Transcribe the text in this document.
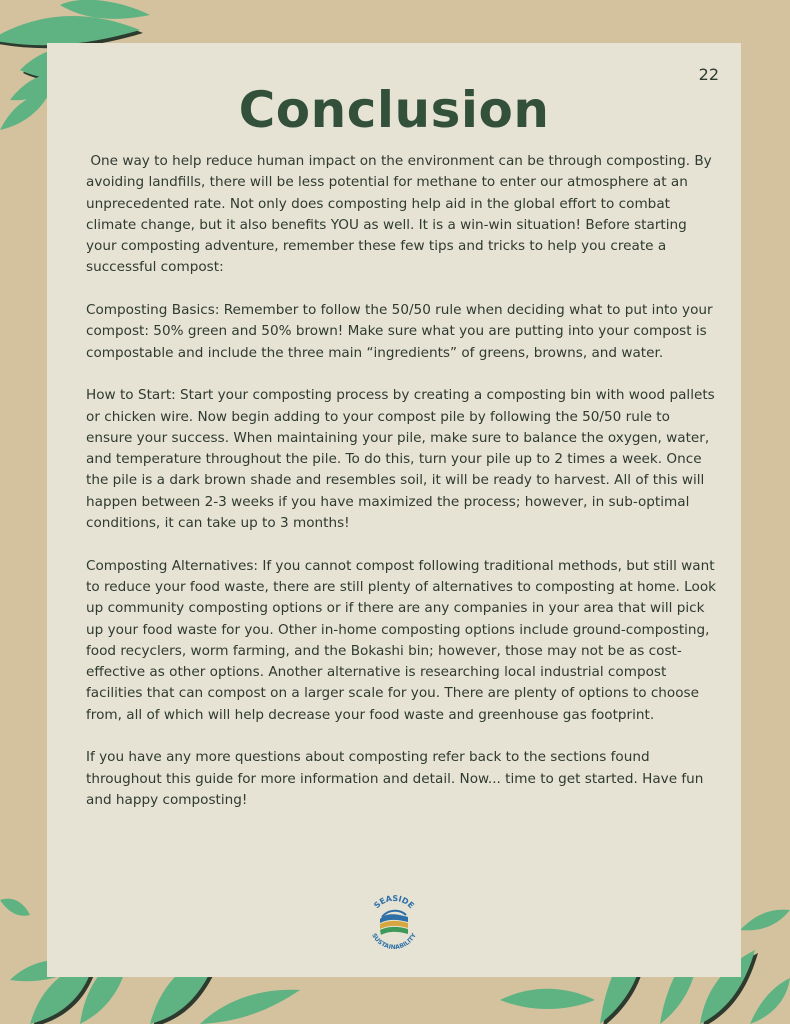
22
Conclusion

One way to help reduce human impact on the environment can be through composting. By avoiding landfills, there will be less potential for methane to enter our atmosphere at an unprecedented rate. Not only does composting help aid in the global effort to combat climate change, but it also benefits YOU as well. It is a win-win situation! Before starting your composting adventure, remember these few tips and tricks to help you create a successful compost:

Composting Basics: Remember to follow the 50/50 rule when deciding what to put into your compost: 50% green and 50% brown! Make sure what you are putting into your compost is compostable and include the three main “ingredients” of greens, browns, and water.

How to Start: Start your composting process by creating a composting bin with wood pallets or chicken wire. Now begin adding to your compost pile by following the 50/50 rule to ensure your success. When maintaining your pile, make sure to balance the oxygen, water, and temperature throughout the pile. To do this, turn your pile up to 2 times a week. Once the pile is a dark brown shade and resembles soil, it will be ready to harvest. All of this will happen between 2-3 weeks if you have maximized the process; however, in sub-optimal conditions, it can take up to 3 months!

Composting Alternatives: If you cannot compost following traditional methods, but still want to reduce your food waste, there are still plenty of alternatives to composting at home. Look up community composting options or if there are any companies in your area that will pick up your food waste for you. Other in-home composting options include ground-composting, food recyclers, worm farming, and the Bokashi bin; however, those may not be as cost-effective as other options. Another alternative is researching local industrial compost facilities that can compost on a larger scale for you. There are plenty of options to choose from, all of which will help decrease your food waste and greenhouse gas footprint.

If you have any more questions about composting refer back to the sections found throughout this guide for more information and detail. Now... time to get started. Have fun and happy composting!

SEASIDE
SUSTAINABILITY
